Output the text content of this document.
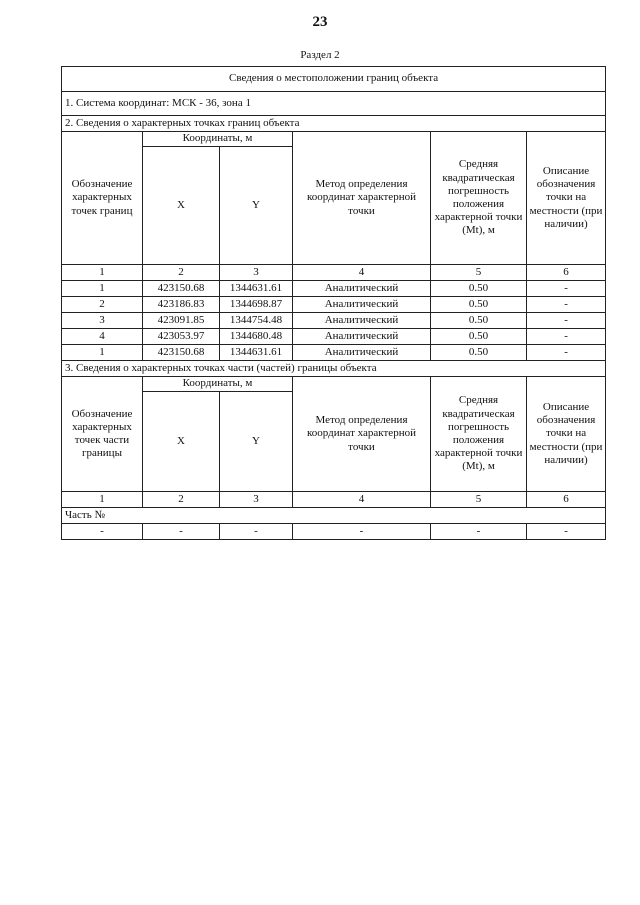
23
Раздел 2
Сведения о местоположении границ объекта					
1. Система координат: МСК - 36, зона 1					
2. Сведения о характерных точках границ объекта					
Обозначение характерных точек границ	Координаты, м		Метод определения координат характерной точки	Средняя квадратическая погрешность положения характерной точки (Mt), м	Описание обозначения точки на местности (при наличии)
	X	Y			
1	2	3	4	5	6
1	423150.68	1344631.61	Аналитический	0.50	-
2	423186.83	1344698.87	Аналитический	0.50	-
3	423091.85	1344754.48	Аналитический	0.50	-
4	423053.97	1344680.48	Аналитический	0.50	-
1	423150.68	1344631.61	Аналитический	0.50	-
3. Сведения о характерных точках части (частей) границы объекта					
Обозначение характерных точек части границы	Координаты, м		Метод определения координат характерной точки	Средняя квадратическая погрешность положения характерной точки (Mt), м	Описание обозначения точки на местности (при наличии)
	X	Y			
1	2	3	4	5	6
Часть №					
-	-	-	-	-	-
